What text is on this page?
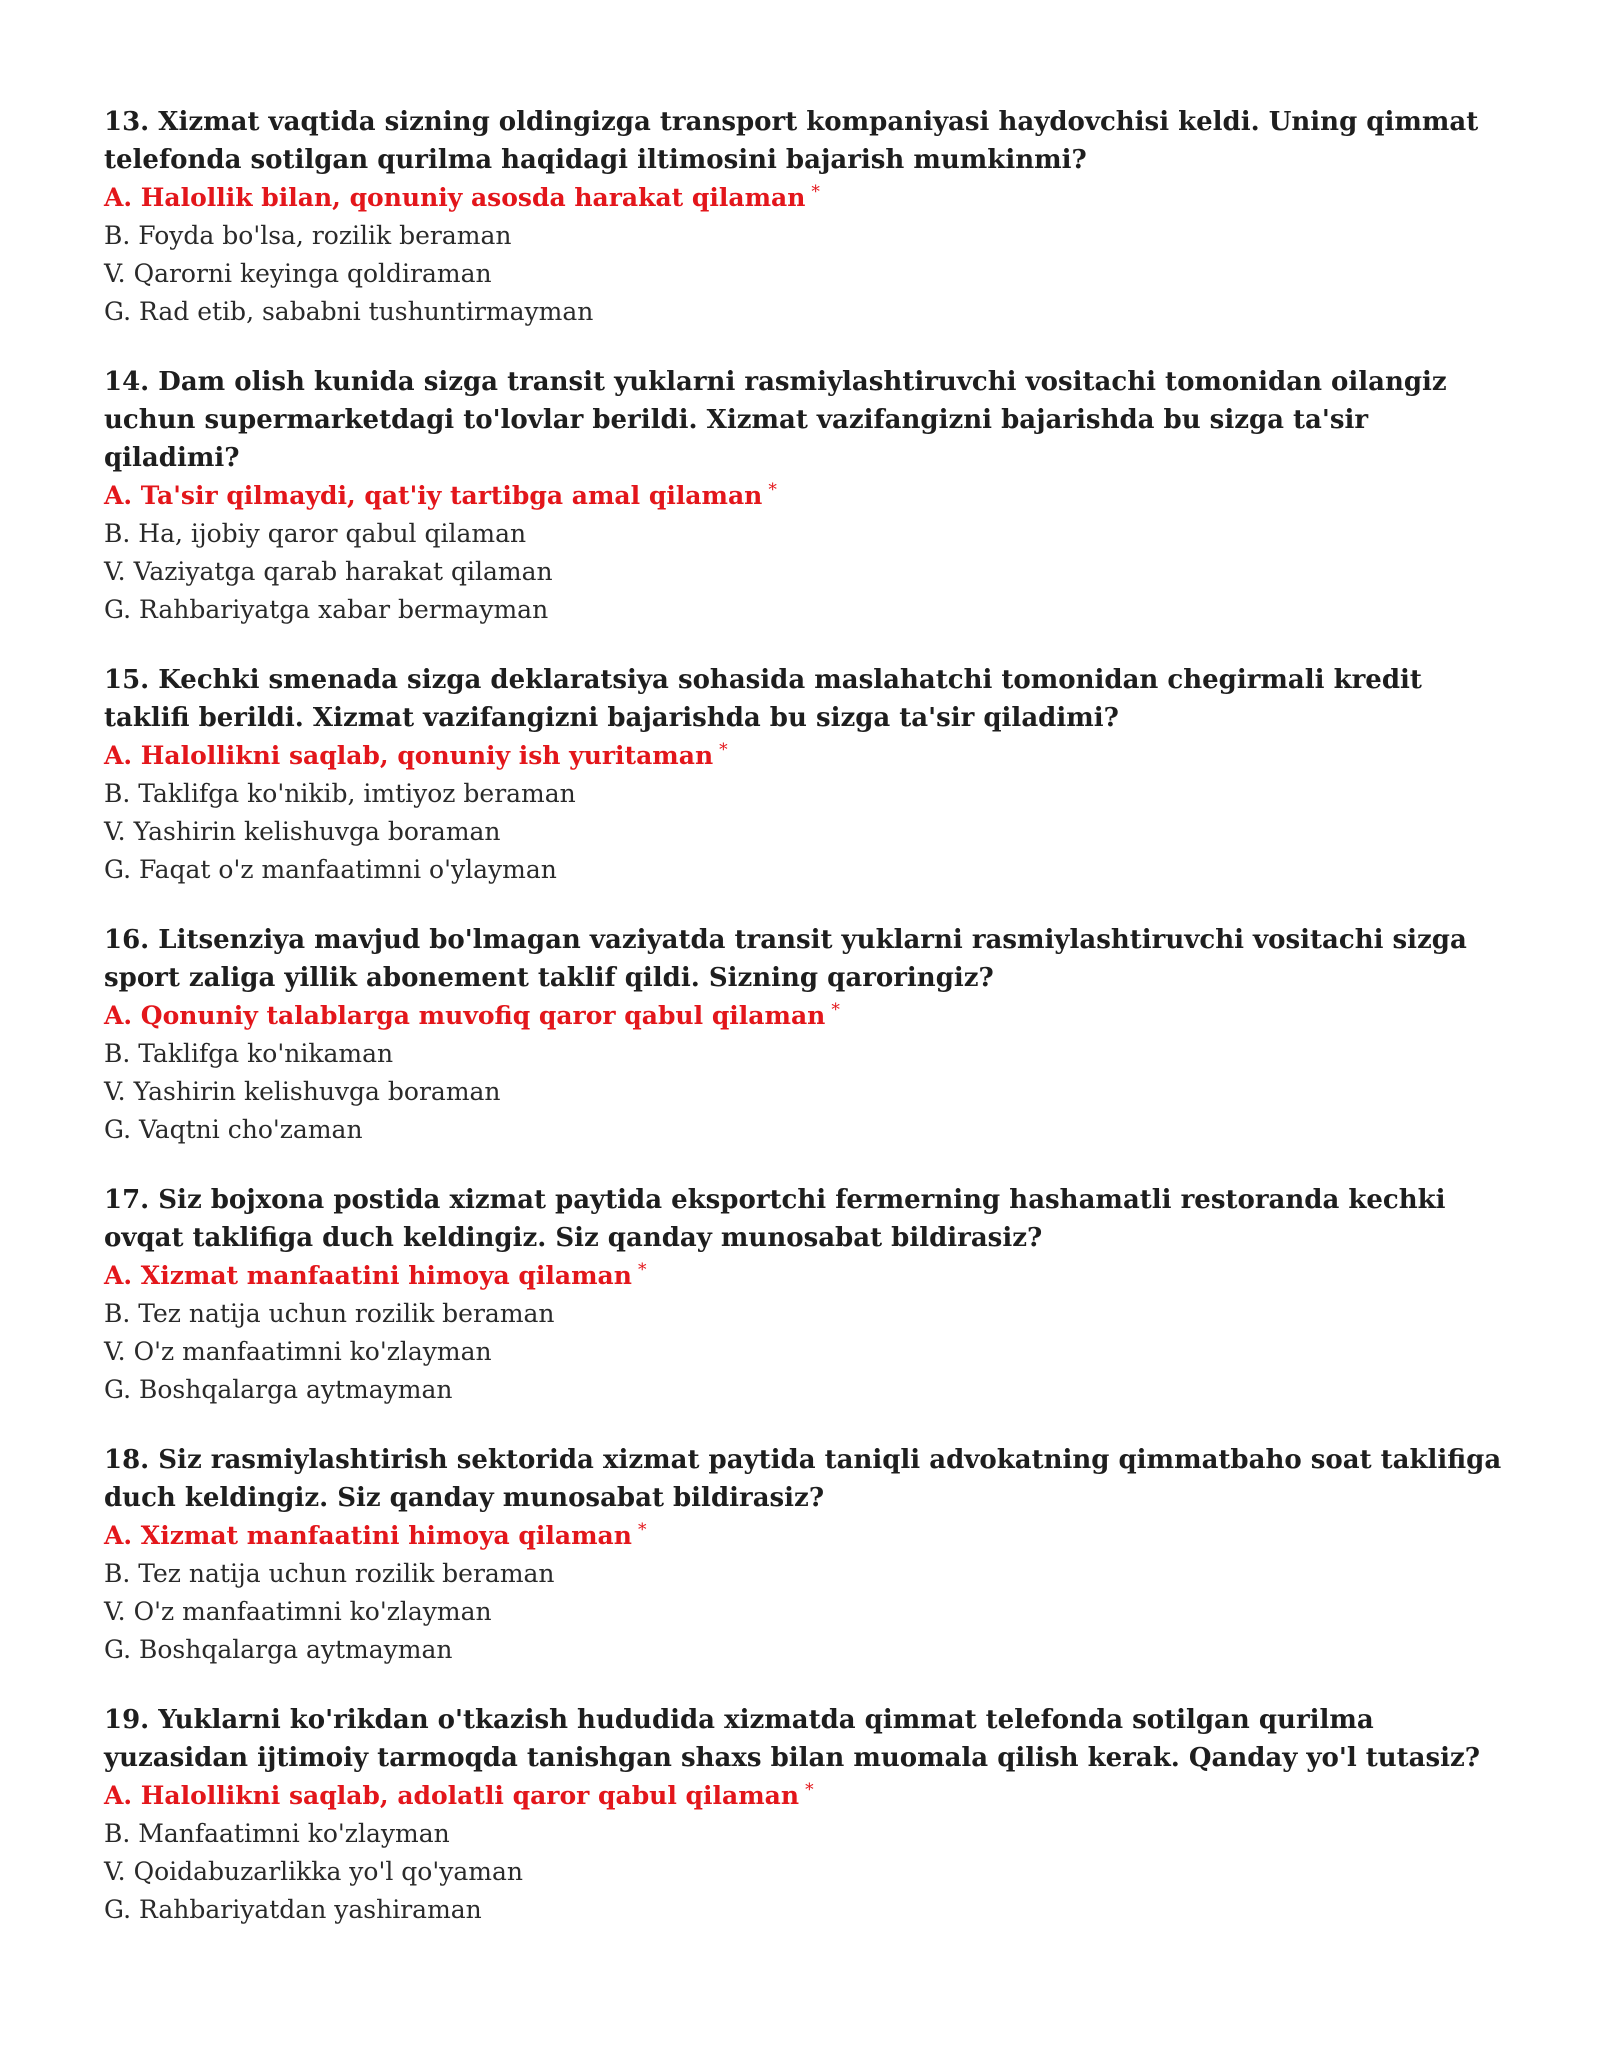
13. Xizmat vaqtida sizning oldingizga transport kompaniyasi haydovchisi keldi. Uning qimmat telefonda sotilgan qurilma haqidagi iltimosini bajarish mumkinmi?

A. Halollik bilan, qonuniy asosda harakat qilaman *

B. Foyda bo'lsa, rozilik beraman

V. Qarorni keyinga qoldiraman

G. Rad etib, sababni tushuntirmayman

14. Dam olish kunida sizga transit yuklarni rasmiylashtiruvchi vositachi tomonidan oilangiz uchun supermarketdagi to'lovlar berildi. Xizmat vazifangizni bajarishda bu sizga ta'sir qiladimi?

A. Ta'sir qilmaydi, qat'iy tartibga amal qilaman *

B. Ha, ijobiy qaror qabul qilaman

V. Vaziyatga qarab harakat qilaman

G. Rahbariyatga xabar bermayman

15. Kechki smenada sizga deklaratsiya sohasida maslahatchi tomonidan chegirmali kredit taklifi berildi. Xizmat vazifangizni bajarishda bu sizga ta'sir qiladimi?

A. Halollikni saqlab, qonuniy ish yuritaman *

B. Taklifga ko'nikib, imtiyoz beraman

V. Yashirin kelishuvga boraman

G. Faqat o'z manfaatimni o'ylayman

16. Litsenziya mavjud bo'lmagan vaziyatda transit yuklarni rasmiylashtiruvchi vositachi sizga sport zaliga yillik abonement taklif qildi. Sizning qaroringiz?

A. Qonuniy talablarga muvofiq qaror qabul qilaman *

B. Taklifga ko'nikaman

V. Yashirin kelishuvga boraman

G. Vaqtni cho'zaman

17. Siz bojxona postida xizmat paytida eksportchi fermerning hashamatli restoranda kechki ovqat taklifiga duch keldingiz. Siz qanday munosabat bildirasiz?

A. Xizmat manfaatini himoya qilaman *

B. Tez natija uchun rozilik beraman

V. O'z manfaatimni ko'zlayman

G. Boshqalarga aytmayman

18. Siz rasmiylashtirish sektorida xizmat paytida taniqli advokatning qimmatbaho soat taklifiga duch keldingiz. Siz qanday munosabat bildirasiz?

A. Xizmat manfaatini himoya qilaman *

B. Tez natija uchun rozilik beraman

V. O'z manfaatimni ko'zlayman

G. Boshqalarga aytmayman

19. Yuklarni ko'rikdan o'tkazish hududida xizmatda qimmat telefonda sotilgan qurilma yuzasidan ijtimoiy tarmoqda tanishgan shaxs bilan muomala qilish kerak. Qanday yo'l tutasiz?

A. Halollikni saqlab, adolatli qaror qabul qilaman *

B. Manfaatimni ko'zlayman

V. Qoidabuzarlikka yo'l qo'yaman

G. Rahbariyatdan yashiraman
